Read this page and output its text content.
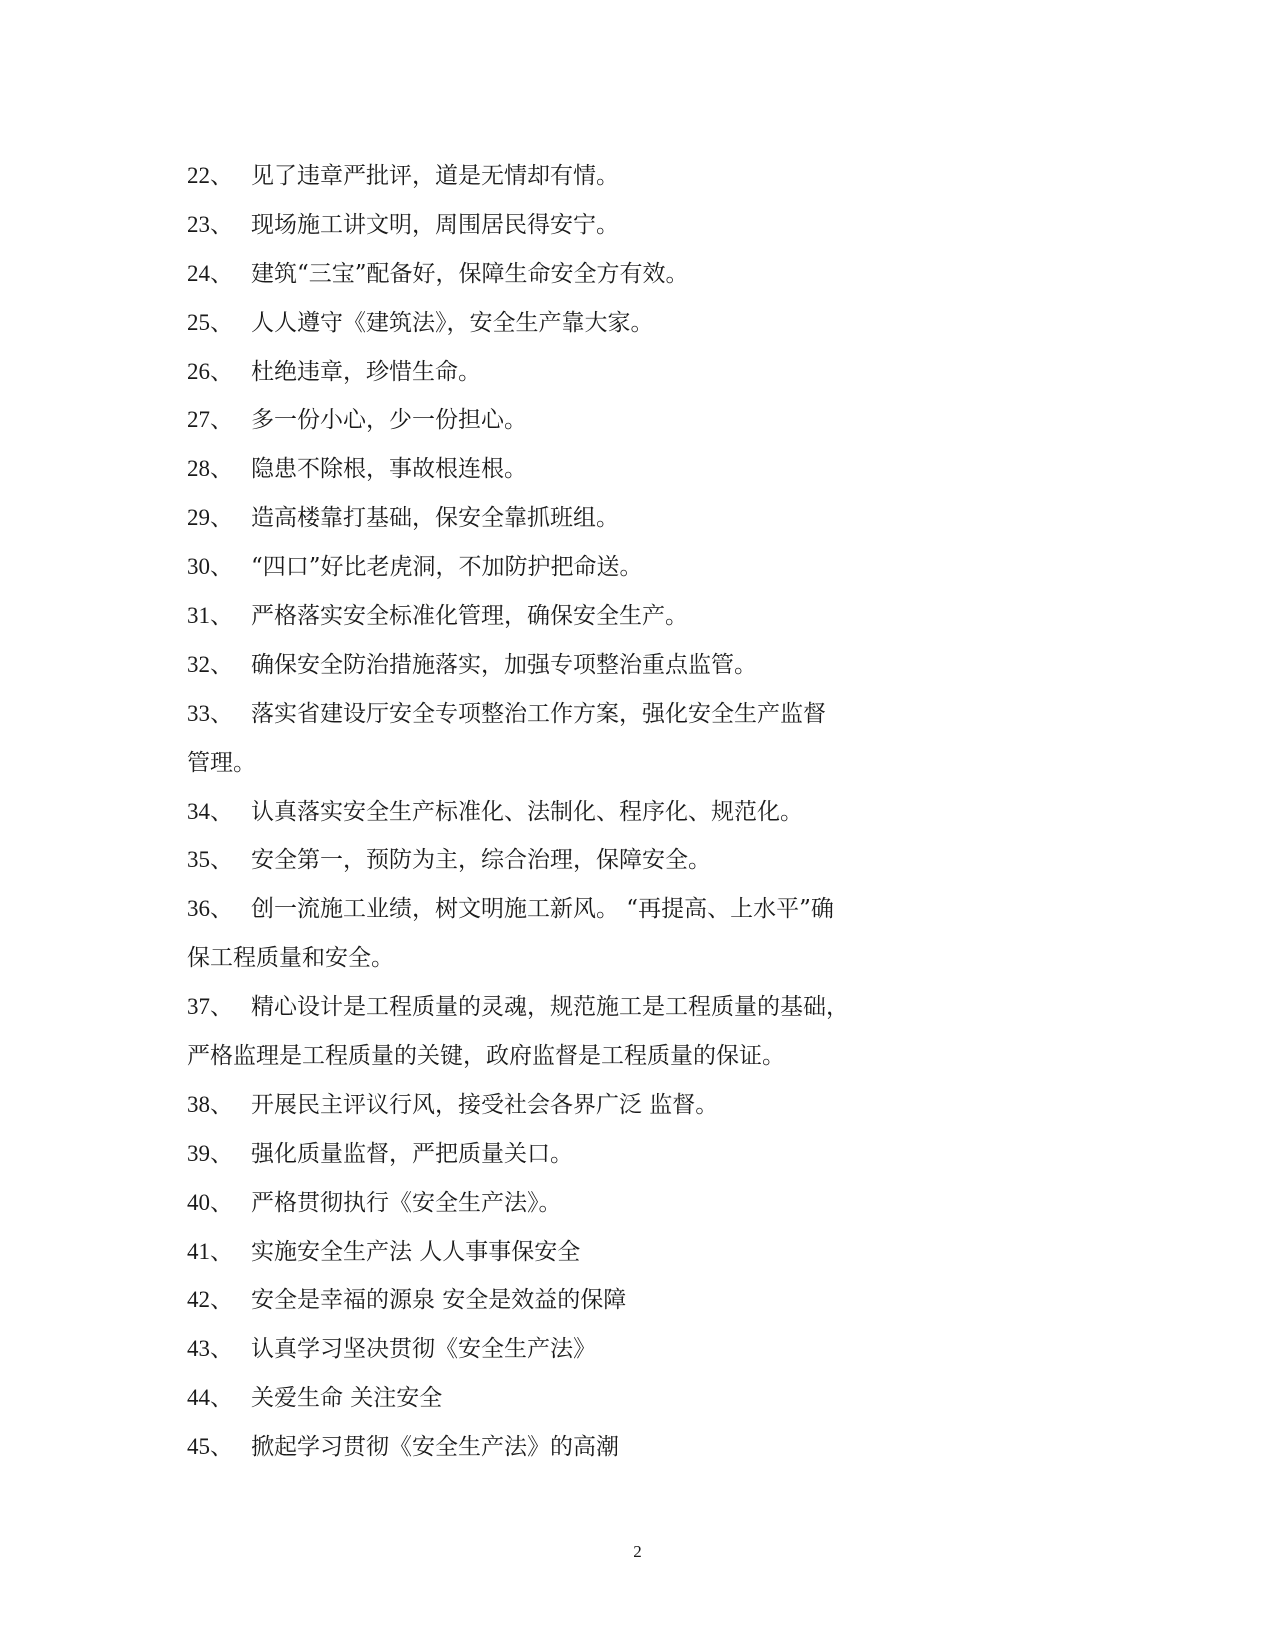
22、 见了违章严批评，道是无情却有情。
23、 现场施工讲文明，周围居民得安宁。
24、 建筑“三宝”配备好，保障生命安全方有效。
25、 人人遵守《建筑法》，安全生产靠大家。
26、 杜绝违章，珍惜生命。
27、 多一份小心，少一份担心。
28、 隐患不除根，事故根连根。
29、 造高楼靠打基础，保安全靠抓班组。
30、 “四口”好比老虎洞，不加防护把命送。
31、 严格落实安全标准化管理，确保安全生产。
32、 确保安全防治措施落实，加强专项整治重点监管。
33、 落实省建设厅安全专项整治工作方案，强化安全生产监督
管理。
34、 认真落实安全生产标准化、法制化、程序化、规范化。
35、 安全第一，预防为主，综合治理，保障安全。
36、 创一流施工业绩，树文明施工新风。 “再提高、上水平”确
保工程质量和安全。
37、 精心设计是工程质量的灵魂，规范施工是工程质量的基础，
严格监理是工程质量的关键，政府监督是工程质量的保证。
38、 开展民主评议行风，接受社会各界广泛 监督。
39、 强化质量监督，严把质量关口。
40、 严格贯彻执行《安全生产法》。
41、 实施安全生产法 人人事事保安全
42、 安全是幸福的源泉 安全是效益的保障
43、 认真学习坚决贯彻《安全生产法》
44、 关爱生命 关注安全
45、 掀起学习贯彻《安全生产法》的高潮
2
